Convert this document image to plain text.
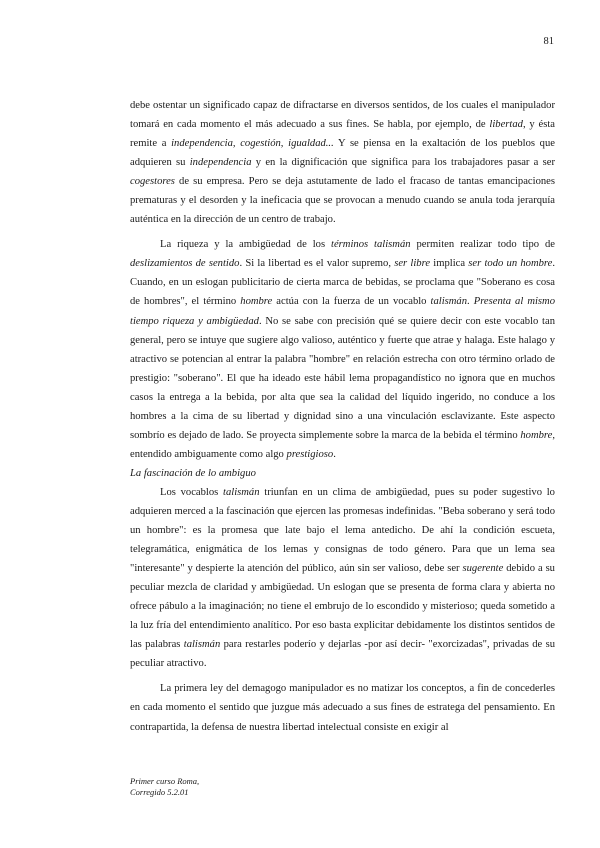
81

debe ostentar un significado capaz de difractarse en diversos sentidos, de los cuales el manipulador tomará en cada momento el más adecuado a sus fines. Se habla, por ejemplo, de libertad, y ésta remite a independencia, cogestión, igualdad... Y se piensa en la exaltación de los pueblos que adquieren su independencia y en la dignificación que significa para los trabajadores pasar a ser cogestores de su empresa. Pero se deja astutamente de lado el fracaso de tantas emancipaciones prematuras y el desorden y la ineficacia que se provocan a menudo cuando se anula toda jerarquía auténtica en la dirección de un centro de trabajo.

La riqueza y la ambigüedad de los términos talismán permiten realizar todo tipo de deslizamientos de sentido. Si la libertad es el valor supremo, ser libre implica ser todo un hombre. Cuando, en un eslogan publicitario de cierta marca de bebidas, se proclama que "Soberano es cosa de hombres", el término hombre actúa con la fuerza de un vocablo talismán. Presenta al mismo tiempo riqueza y ambigüedad. No se sabe con precisión qué se quiere decir con este vocablo tan general, pero se intuye que sugiere algo valioso, auténtico y fuerte que atrae y halaga. Este halago y atractivo se potencian al entrar la palabra "hombre" en relación estrecha con otro término orlado de prestigio: "soberano". El que ha ideado este hábil lema propagandístico no ignora que en muchos casos la entrega a la bebida, por alta que sea la calidad del líquido ingerido, no conduce a los hombres a la cima de su libertad y dignidad sino a una vinculación esclavizante. Este aspecto sombrío es dejado de lado. Se proyecta simplemente sobre la marca de la bebida el término hombre, entendido ambiguamente como algo prestigioso.

La fascinación de lo ambiguo

Los vocablos talismán triunfan en un clima de ambigüedad, pues su poder sugestivo lo adquieren merced a la fascinación que ejercen las promesas indefinidas. "Beba soberano y será todo un hombre": es la promesa que late bajo el lema antedicho. De ahí la condición escueta, telegramática, enigmática de los lemas y consignas de todo género. Para que un lema sea "interesante" y despierte la atención del público, aún sin ser valioso, debe ser sugerente debido a su peculiar mezcla de claridad y ambigüedad. Un eslogan que se presenta de forma clara y abierta no ofrece pábulo a la imaginación; no tiene el embrujo de lo escondido y misterioso; queda sometido a la luz fría del entendimiento analítico. Por eso basta explicitar debidamente los distintos sentidos de las palabras talismán para restarles poderío y dejarlas -por así decir- "exorcizadas", privadas de su peculiar atractivo.

La primera ley del demagogo manipulador es no matizar los conceptos, a fin de concederles en cada momento el sentido que juzgue más adecuado a sus fines de estratega del pensamiento. En contrapartida, la defensa de nuestra libertad intelectual consiste en exigir al

Primer curso Roma,
Corregido 5.2.01
